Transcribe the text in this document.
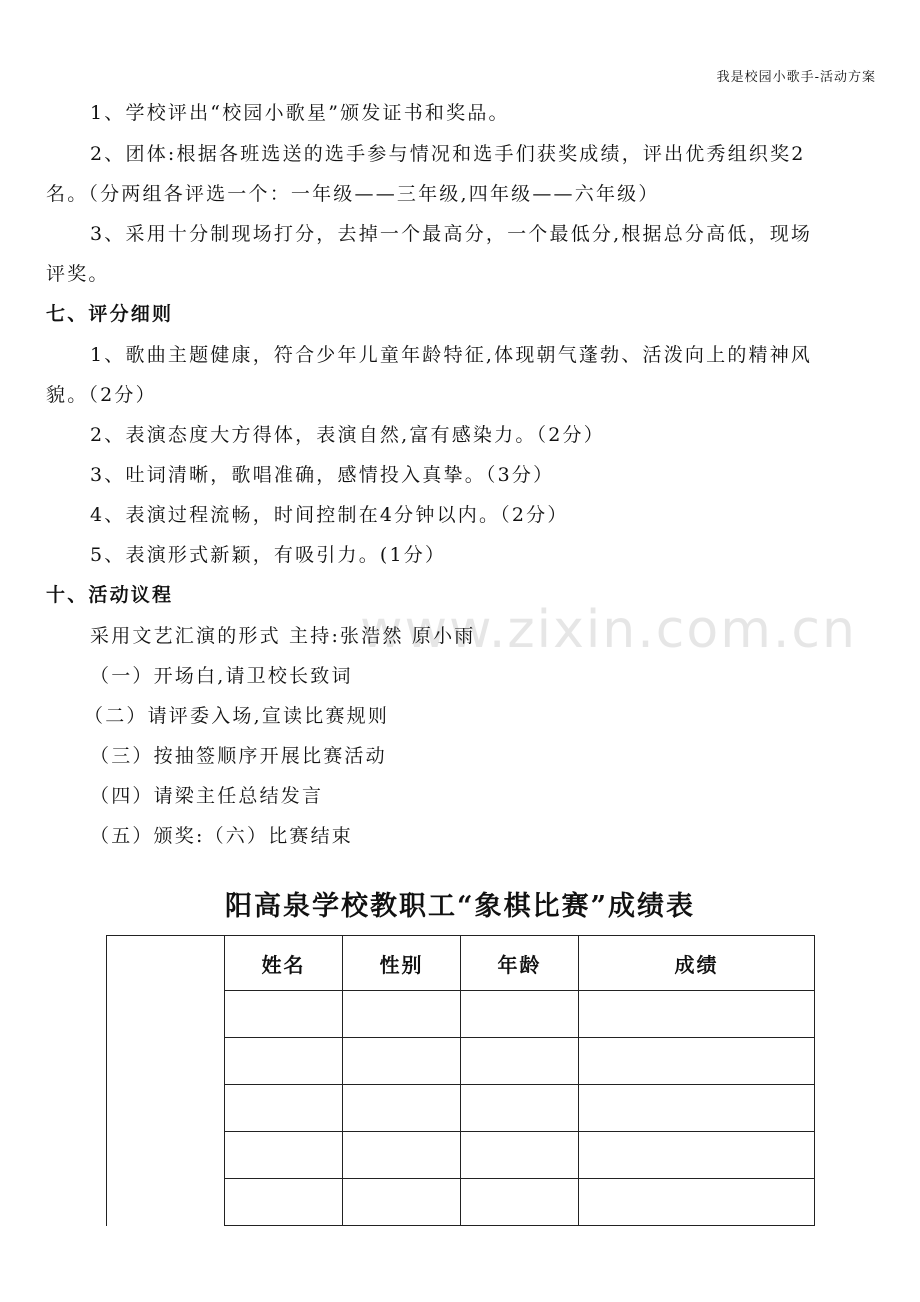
www.zixin.com.cn
我是校园小歌手-活动方案
1、学校评出“校园小歌星”颁发证书和奖品。
2、团体:根据各班选送的选手参与情况和选手们获奖成绩，评出优秀组织奖2
名。（分两组各评选一个：一年级——三年级,四年级——六年级）
3、采用十分制现场打分，去掉一个最高分，一个最低分,根据总分高低，现场
评奖。
七、评分细则
1、歌曲主题健康，符合少年儿童年龄特征,体现朝气蓬勃、活泼向上的精神风
貌。（2分）
2、表演态度大方得体，表演自然,富有感染力。（2分）
3、吐词清晰，歌唱准确，感情投入真挚。（3分）
4、表演过程流畅，时间控制在4分钟以内。（2分）
5、表演形式新颖，有吸引力。(1分）
十、活动议程
采用文艺汇演的形式 主持:张浩然 原小雨
（一）开场白,请卫校长致词
（二）请评委入场,宣读比赛规则
（三）按抽签顺序开展比赛活动
（四）请梁主任总结发言
（五）颁奖:（六）比赛结束
阳高泉学校教职工“象棋比赛”成绩表
	姓名	性别	年龄	成绩
